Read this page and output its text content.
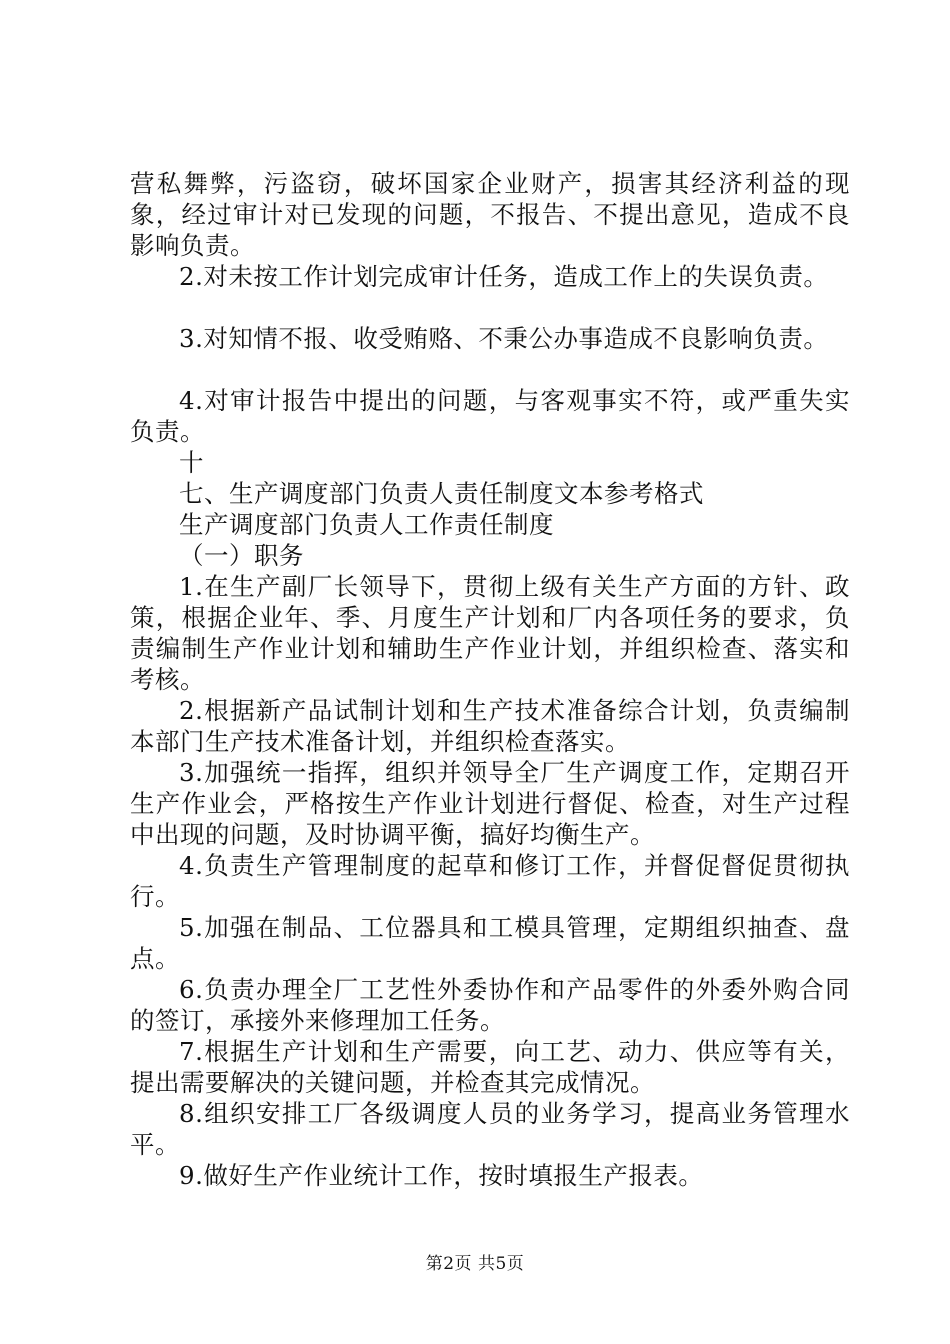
营私舞弊，污盗窃，破坏国家企业财产，损害其经济利益的现象，经过审计对已发现的问题，不报告、不提出意见，造成不良影响负责。

2.对未按工作计划完成审计任务，造成工作上的失误负责。

3.对知情不报、收受贿赂、不秉公办事造成不良影响负责。

4.对审计报告中提出的问题，与客观事实不符，或严重失实负责。

十

七、生产调度部门负责人责任制度文本参考格式

生产调度部门负责人工作责任制度

（一）职务

1.在生产副厂长领导下，贯彻上级有关生产方面的方针、政策，根据企业年、季、月度生产计划和厂内各项任务的要求，负责编制生产作业计划和辅助生产作业计划，并组织检查、落实和考核。

2.根据新产品试制计划和生产技术准备综合计划，负责编制本部门生产技术准备计划，并组织检查落实。

3.加强统一指挥，组织并领导全厂生产调度工作，定期召开生产作业会，严格按生产作业计划进行督促、检查，对生产过程中出现的问题，及时协调平衡，搞好均衡生产。

4.负责生产管理制度的起草和修订工作，并督促督促贯彻执行。

5.加强在制品、工位器具和工模具管理，定期组织抽查、盘点。

6.负责办理全厂工艺性外委协作和产品零件的外委外购合同的签订，承接外来修理加工任务。

7.根据生产计划和生产需要，向工艺、动力、供应等有关，提出需要解决的关键问题，并检查其完成情况。

8.组织安排工厂各级调度人员的业务学习，提高业务管理水平。

9.做好生产作业统计工作，按时填报生产报表。

第2页 共5页
